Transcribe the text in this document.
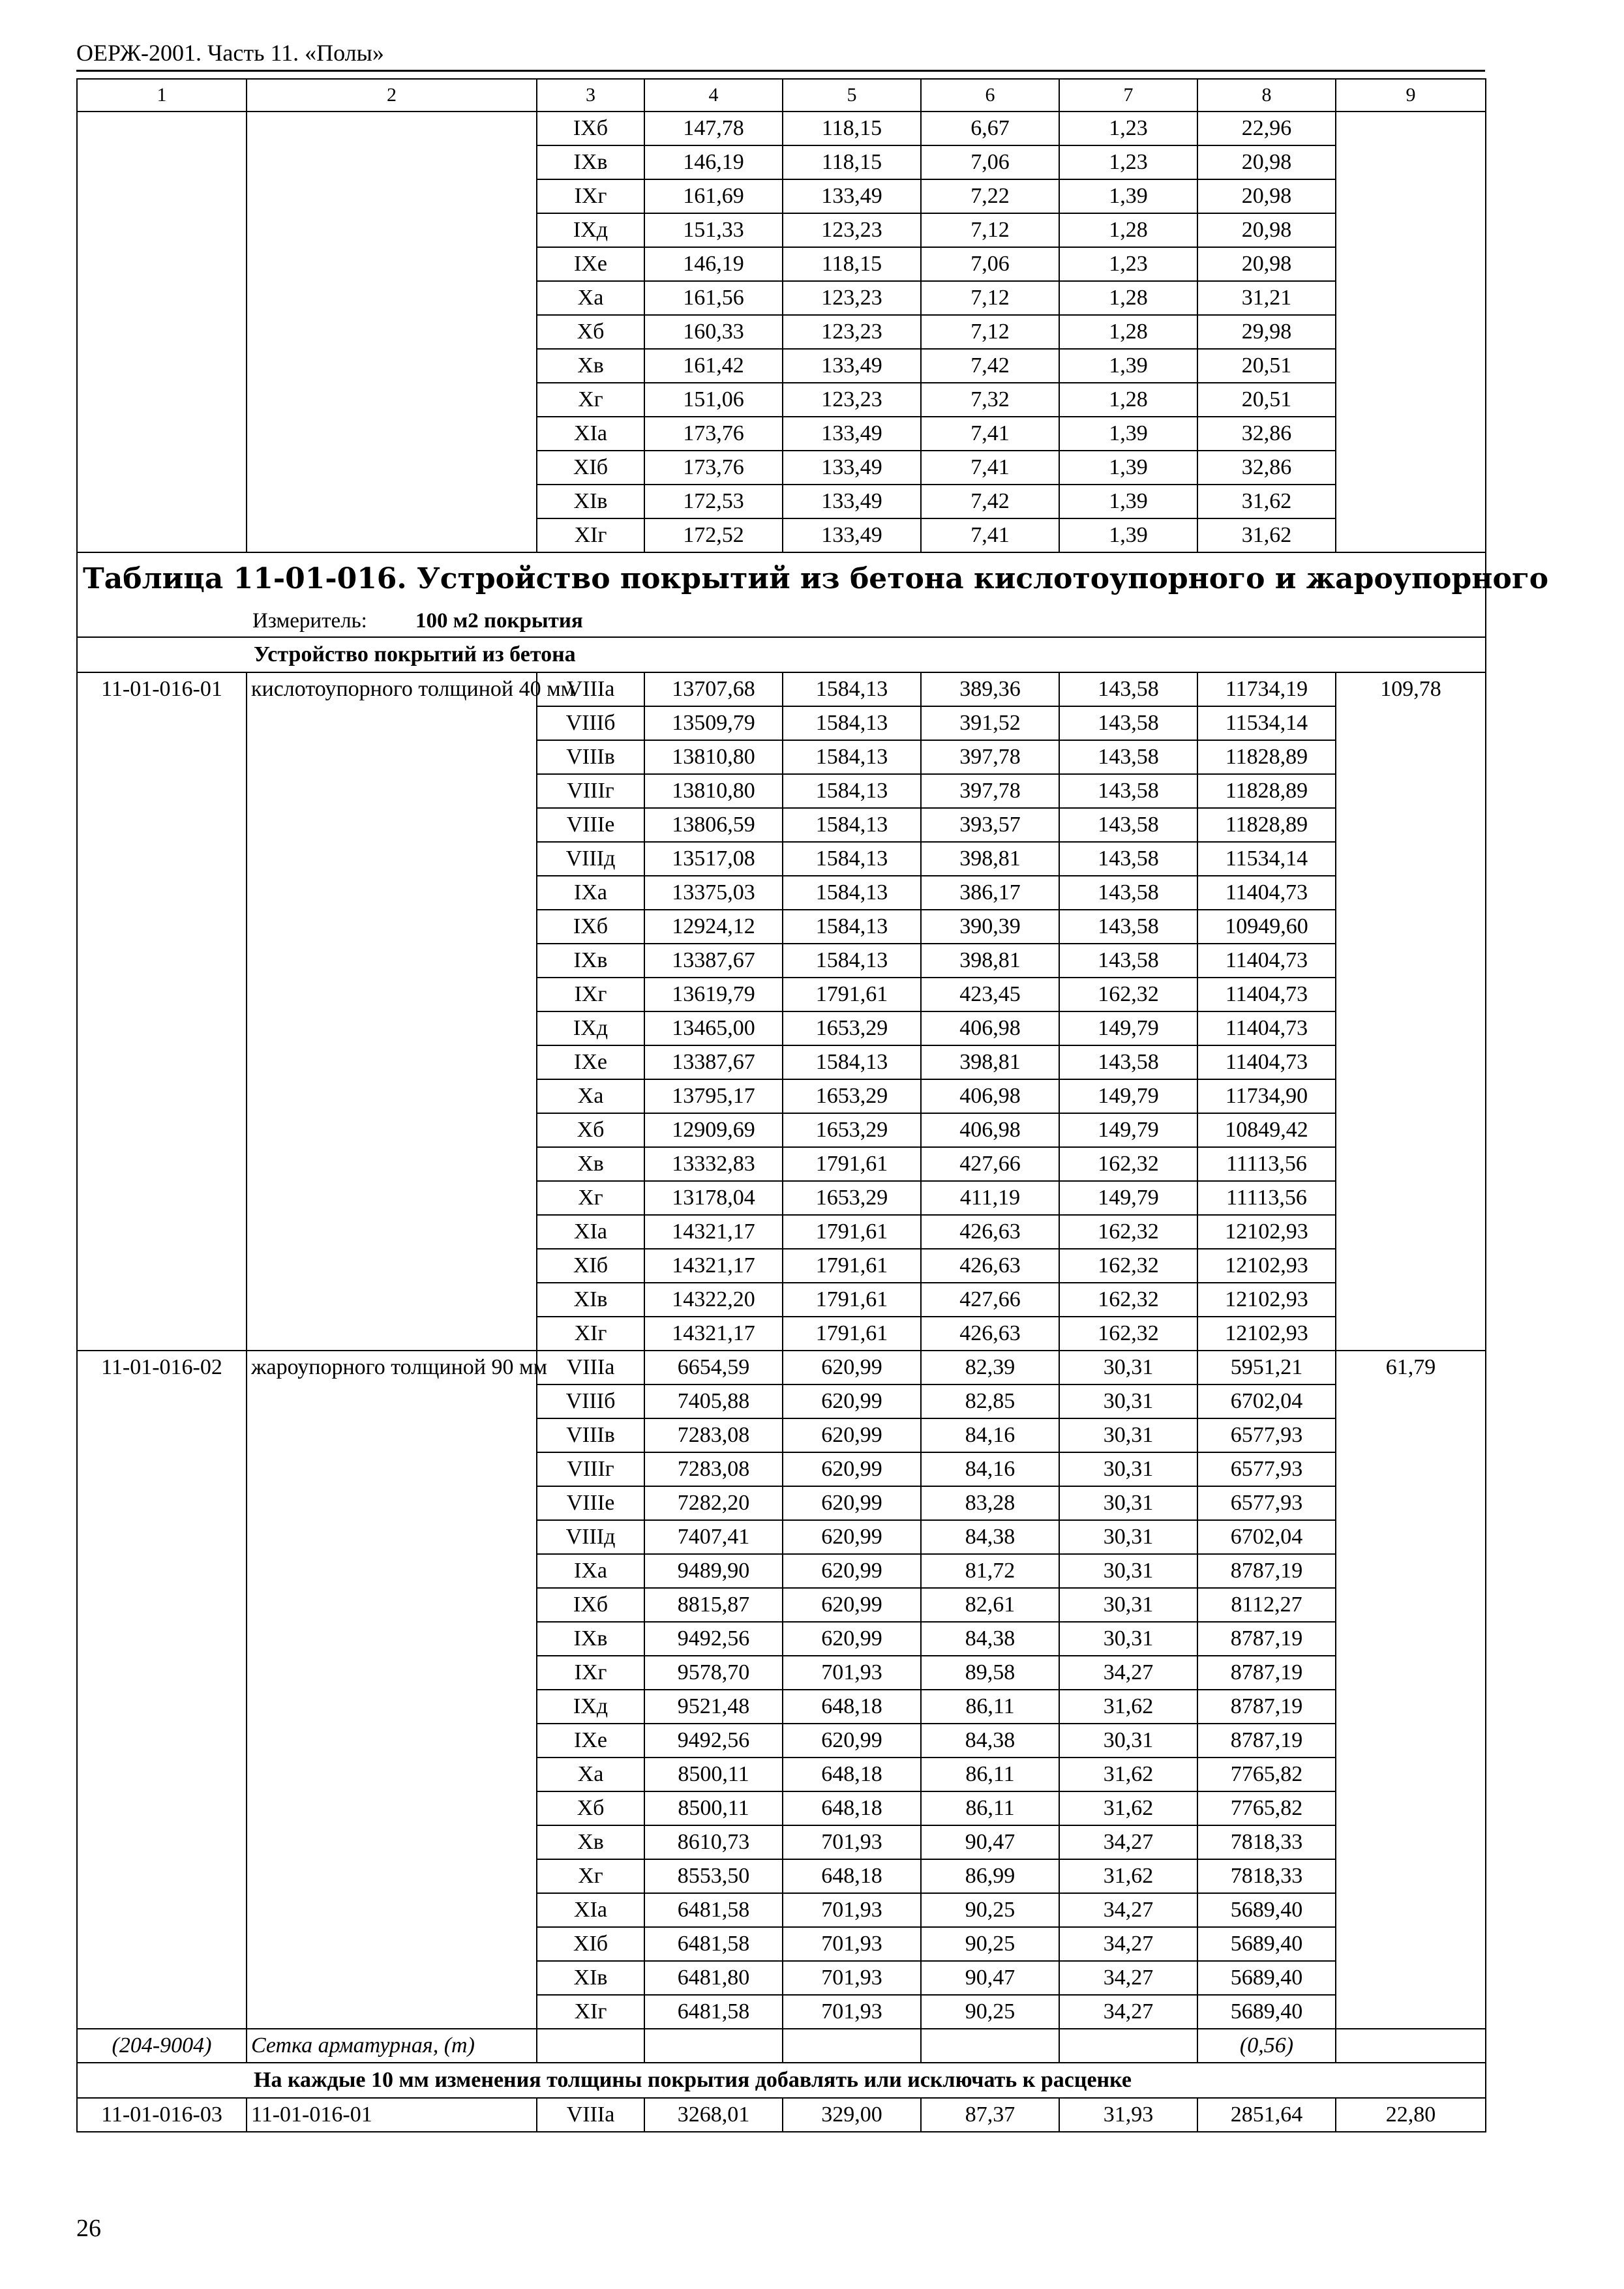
ОЕРЖ-2001. Часть 11. «Полы»
1	2	3	4	5	6	7	8	9
		IXб	147,78	118,15	6,67	1,23	22,96	
		IXв	146,19	118,15	7,06	1,23	20,98	
		IXг	161,69	133,49	7,22	1,39	20,98	
		IXд	151,33	123,23	7,12	1,28	20,98	
		IXе	146,19	118,15	7,06	1,23	20,98	
		Xа	161,56	123,23	7,12	1,28	31,21	
		Xб	160,33	123,23	7,12	1,28	29,98	
		Xв	161,42	133,49	7,42	1,39	20,51	
		Xг	151,06	123,23	7,32	1,28	20,51	
		XIа	173,76	133,49	7,41	1,39	32,86	
		XIб	173,76	133,49	7,41	1,39	32,86	
		XIв	172,53	133,49	7,42	1,39	31,62	
		XIг	172,52	133,49	7,41	1,39	31,62	
Таблица 11-01-016. Устройство покрытий из бетона кислотоупорного и жароупорного								
Измеритель: 100 м2 покрытия								
Устройство покрытий из бетона								
11-01-016-01	кислотоупорного толщиной 40 мм	VIIIа	13707,68	1584,13	389,36	143,58	11734,19	109,78
		VIIIб	13509,79	1584,13	391,52	143,58	11534,14	
		VIIIв	13810,80	1584,13	397,78	143,58	11828,89	
		VIIIг	13810,80	1584,13	397,78	143,58	11828,89	
		VIIIе	13806,59	1584,13	393,57	143,58	11828,89	
		VIIIд	13517,08	1584,13	398,81	143,58	11534,14	
		IXа	13375,03	1584,13	386,17	143,58	11404,73	
		IXб	12924,12	1584,13	390,39	143,58	10949,60	
		IXв	13387,67	1584,13	398,81	143,58	11404,73	
		IXг	13619,79	1791,61	423,45	162,32	11404,73	
		IXд	13465,00	1653,29	406,98	149,79	11404,73	
		IXе	13387,67	1584,13	398,81	143,58	11404,73	
		Xа	13795,17	1653,29	406,98	149,79	11734,90	
		Xб	12909,69	1653,29	406,98	149,79	10849,42	
		Xв	13332,83	1791,61	427,66	162,32	11113,56	
		Xг	13178,04	1653,29	411,19	149,79	11113,56	
		XIа	14321,17	1791,61	426,63	162,32	12102,93	
		XIб	14321,17	1791,61	426,63	162,32	12102,93	
		XIв	14322,20	1791,61	427,66	162,32	12102,93	
		XIг	14321,17	1791,61	426,63	162,32	12102,93	
11-01-016-02	жароупорного толщиной 90 мм	VIIIа	6654,59	620,99	82,39	30,31	5951,21	61,79
		VIIIб	7405,88	620,99	82,85	30,31	6702,04	
		VIIIв	7283,08	620,99	84,16	30,31	6577,93	
		VIIIг	7283,08	620,99	84,16	30,31	6577,93	
		VIIIе	7282,20	620,99	83,28	30,31	6577,93	
		VIIIд	7407,41	620,99	84,38	30,31	6702,04	
		IXа	9489,90	620,99	81,72	30,31	8787,19	
		IXб	8815,87	620,99	82,61	30,31	8112,27	
		IXв	9492,56	620,99	84,38	30,31	8787,19	
		IXг	9578,70	701,93	89,58	34,27	8787,19	
		IXд	9521,48	648,18	86,11	31,62	8787,19	
		IXе	9492,56	620,99	84,38	30,31	8787,19	
		Xа	8500,11	648,18	86,11	31,62	7765,82	
		Xб	8500,11	648,18	86,11	31,62	7765,82	
		Xв	8610,73	701,93	90,47	34,27	7818,33	
		Xг	8553,50	648,18	86,99	31,62	7818,33	
		XIа	6481,58	701,93	90,25	34,27	5689,40	
		XIб	6481,58	701,93	90,25	34,27	5689,40	
		XIв	6481,80	701,93	90,47	34,27	5689,40	
		XIг	6481,58	701,93	90,25	34,27	5689,40	
(204-9004)	Сетка арматурная, (т)						(0,56)	
На каждые 10 мм изменения толщины покрытия добавлять или исключать к расценке								
11-01-016-03	11-01-016-01	VIIIа	3268,01	329,00	87,37	31,93	2851,64	22,80
26
